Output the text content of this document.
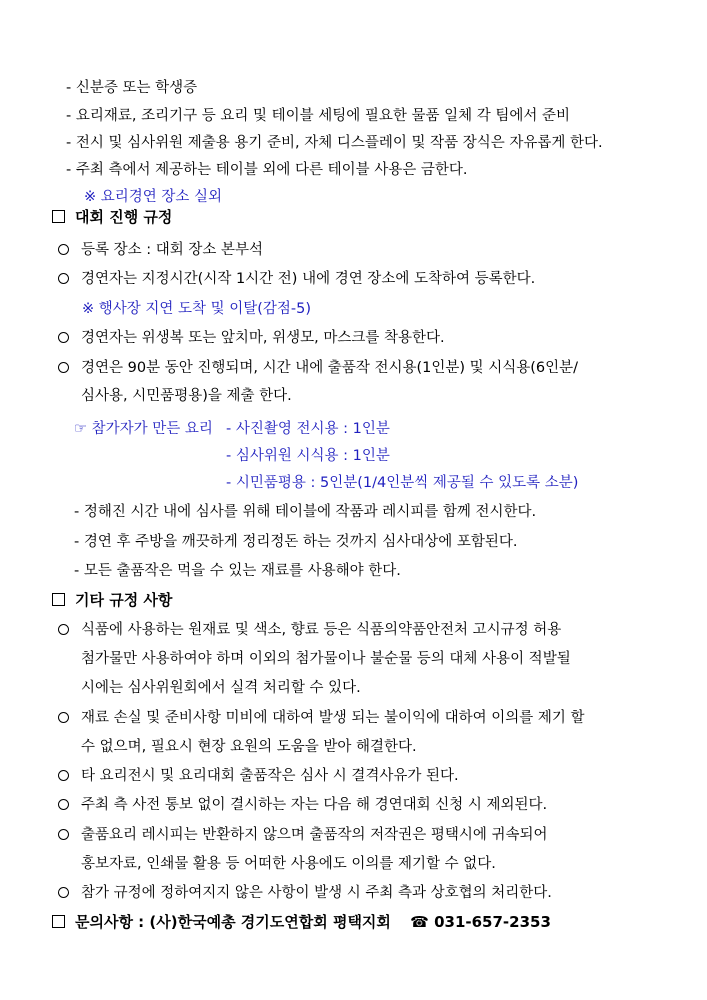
- 신분증 또는 학생증
- 요리재료, 조리기구 등 요리 및 테이블 세팅에 필요한 물품 일체 각 팀에서 준비
- 전시 및 심사위원 제출용 용기 준비, 자체 디스플레이 및 작품 장식은 자유롭게 한다.
- 주최 측에서 제공하는 테이블 외에 다른 테이블 사용은 금한다.
※ 요리경연 장소 실외
대회 진행 규정
등록 장소 : 대회 장소 본부석
경연자는 지정시간(시작 1시간 전) 내에 경연 장소에 도착하여 등록한다.
※ 행사장 지연 도착 및 이탈(감점-5)
경연자는 위생복 또는 앞치마, 위생모, 마스크를 착용한다.
경연은 90분 동안 진행되며, 시간 내에 출품작 전시용(1인분) 및 시식용(6인분/
심사용, 시민품평용)을 제출 한다.
☞ 참가자가 만든 요리 - 사진촬영 전시용 : 1인분
- 심사위원 시식용 : 1인분
- 시민품평용 : 5인분(1/4인분씩 제공될 수 있도록 소분)
- 정해진 시간 내에 심사를 위해 테이블에 작품과 레시피를 함께 전시한다.
- 경연 후 주방을 깨끗하게 정리정돈 하는 것까지 심사대상에 포함된다.
- 모든 출품작은 먹을 수 있는 재료를 사용해야 한다.
기타 규정 사항
식품에 사용하는 원재료 및 색소, 향료 등은 식품의약품안전처 고시규정 허용
첨가물만 사용하여야 하며 이외의 첨가물이나 불순물 등의 대체 사용이 적발될
시에는 심사위원회에서 실격 처리할 수 있다.
재료 손실 및 준비사항 미비에 대하여 발생 되는 불이익에 대하여 이의를 제기 할
수 없으며, 필요시 현장 요원의 도움을 받아 해결한다.
타 요리전시 및 요리대회 출품작은 심사 시 결격사유가 된다.
주최 측 사전 통보 없이 결시하는 자는 다음 해 경연대회 신청 시 제외된다.
출품요리 레시피는 반환하지 않으며 출품작의 저작권은 평택시에 귀속되어
홍보자료, 인쇄물 활용 등 어떠한 사용에도 이의를 제기할 수 없다.
참가 규정에 정하여지지 않은 사항이 발생 시 주최 측과 상호협의 처리한다.
문의사항 : (사)한국예총 경기도연합회 평택지회 ☎ 031-657-2353
